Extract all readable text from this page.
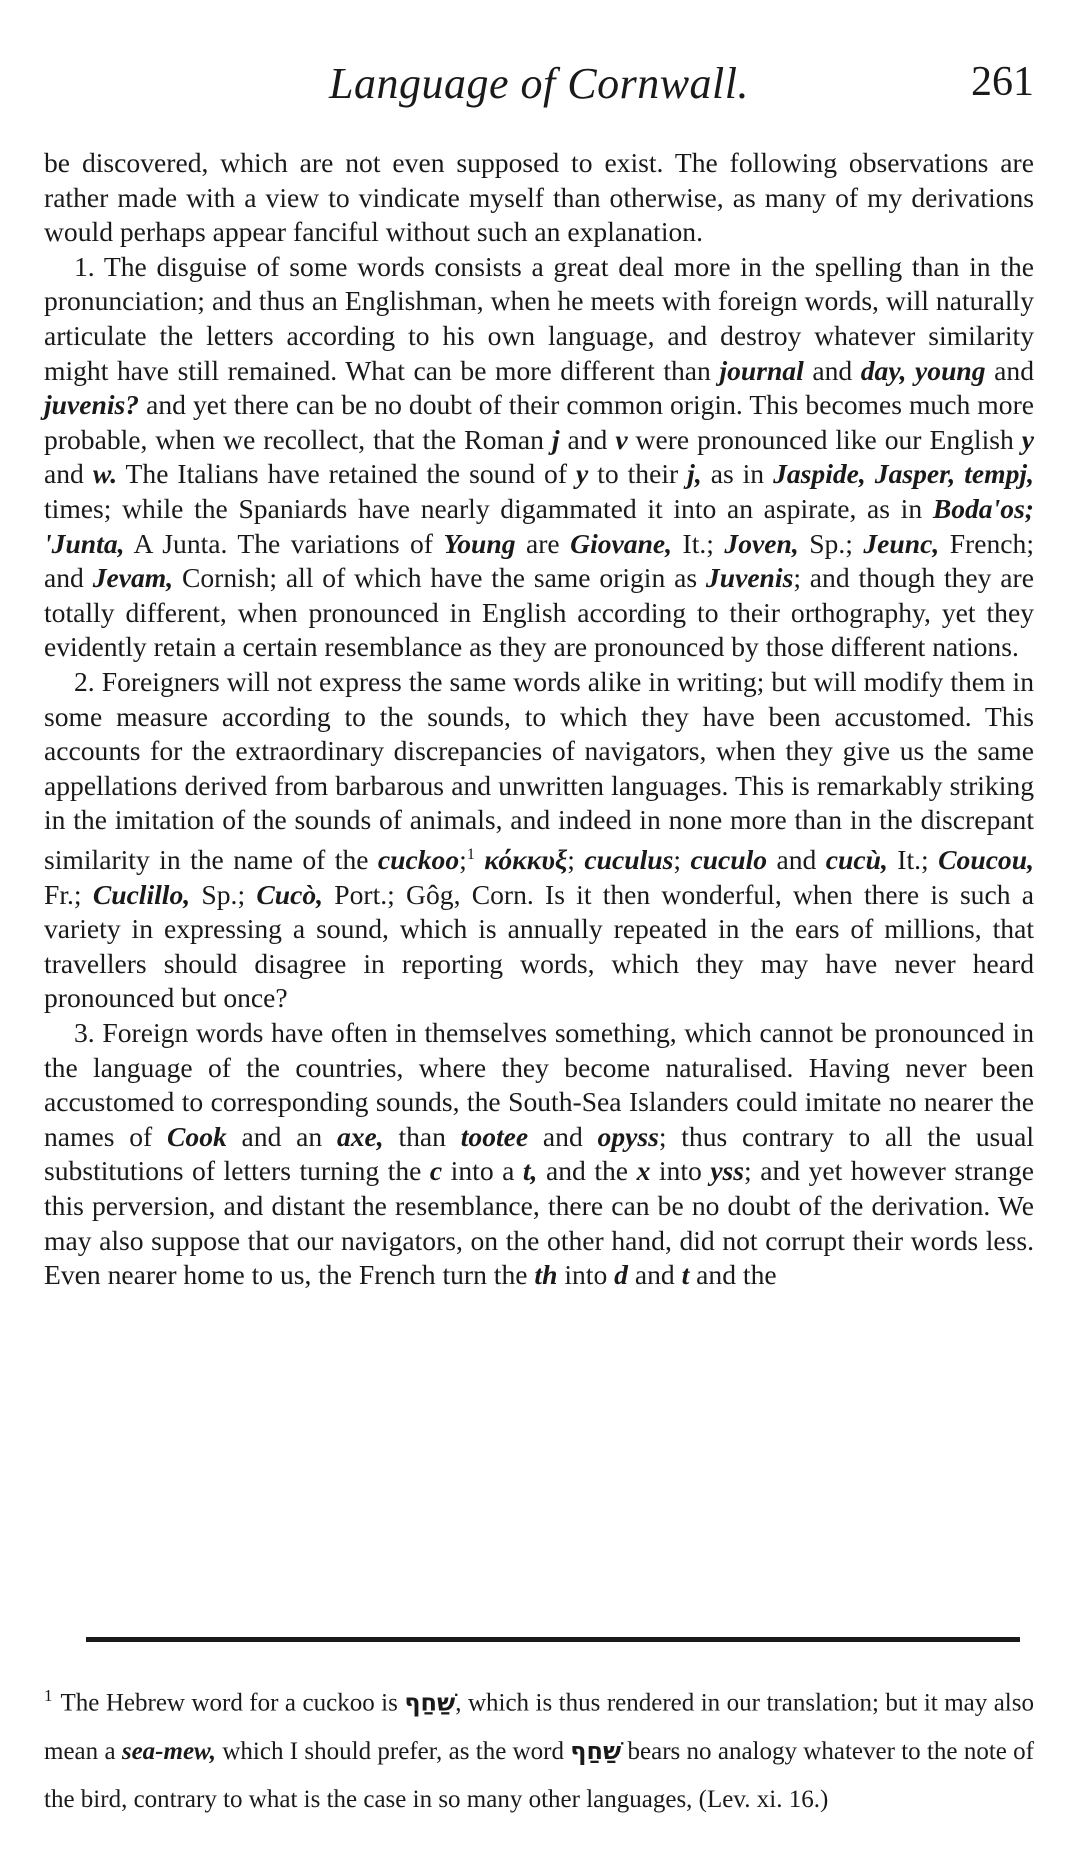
Language of Cornwall.	261

be discovered, which are not even supposed to exist. The following observations are rather made with a view to vindicate myself than otherwise, as many of my derivations would perhaps appear fanciful without such an explanation.

1. The disguise of some words consists a great deal more in the spelling than in the pronunciation; and thus an Englishman, when he meets with foreign words, will naturally articulate the letters according to his own language, and destroy whatever similarity might have still remained. What can be more different than journal and day, young and juvenis? and yet there can be no doubt of their common origin. This becomes much more probable, when we recollect, that the Roman j and v were pronounced like our English y and w. The Italians have retained the sound of y to their j, as in Jaspide, Jasper, tempj, times; while the Spaniards have nearly digammated it into an aspirate, as in Boda'os; 'Junta, A Junta. The variations of Young are Giovane, It.; Joven, Sp.; Jeunc, French; and Jevam, Cornish; all of which have the same origin as Juvenis; and though they are totally different, when pronounced in English according to their orthography, yet they evidently retain a certain resemblance as they are pronounced by those different nations.

2. Foreigners will not express the same words alike in writing; but will modify them in some measure according to the sounds, to which they have been accustomed. This accounts for the extraordinary discrepancies of navigators, when they give us the same appellations derived from barbarous and unwritten languages. This is remarkably striking in the imitation of the sounds of animals, and indeed in none more than in the discrepant similarity in the name of the cuckoo;$^1$ κόκκυξ; cuculus; cuculo and cucù, It.; Coucou, Fr.; Cuclillo, Sp.; Cucò, Port.; Gôg, Corn. Is it then wonderful, when there is such a variety in expressing a sound, which is annually repeated in the ears of millions, that travellers should disagree in reporting words, which they may have never heard pronounced but once?

3. Foreign words have often in themselves something, which cannot be pronounced in the language of the countries, where they become naturalised. Having never been accustomed to corresponding sounds, the South-Sea Islanders could imitate no nearer the names of Cook and an axe, than tootee and opyss; thus contrary to all the usual substitutions of letters turning the c into a t, and the x into yss; and yet however strange this perversion, and distant the resemblance, there can be no doubt of the derivation. We may also suppose that our navigators, on the other hand, did not corrupt their words less. Even nearer home to us, the French turn the th into d and t and the

$^1$ The Hebrew word for a cuckoo is שַׁחַף, which is thus rendered in our translation; but it may also mean a sea-mew, which I should prefer, as the word שַׁחַף bears no analogy whatever to the note of the bird, contrary to what is the case in so many other languages, (Lev. xi. 16.)
